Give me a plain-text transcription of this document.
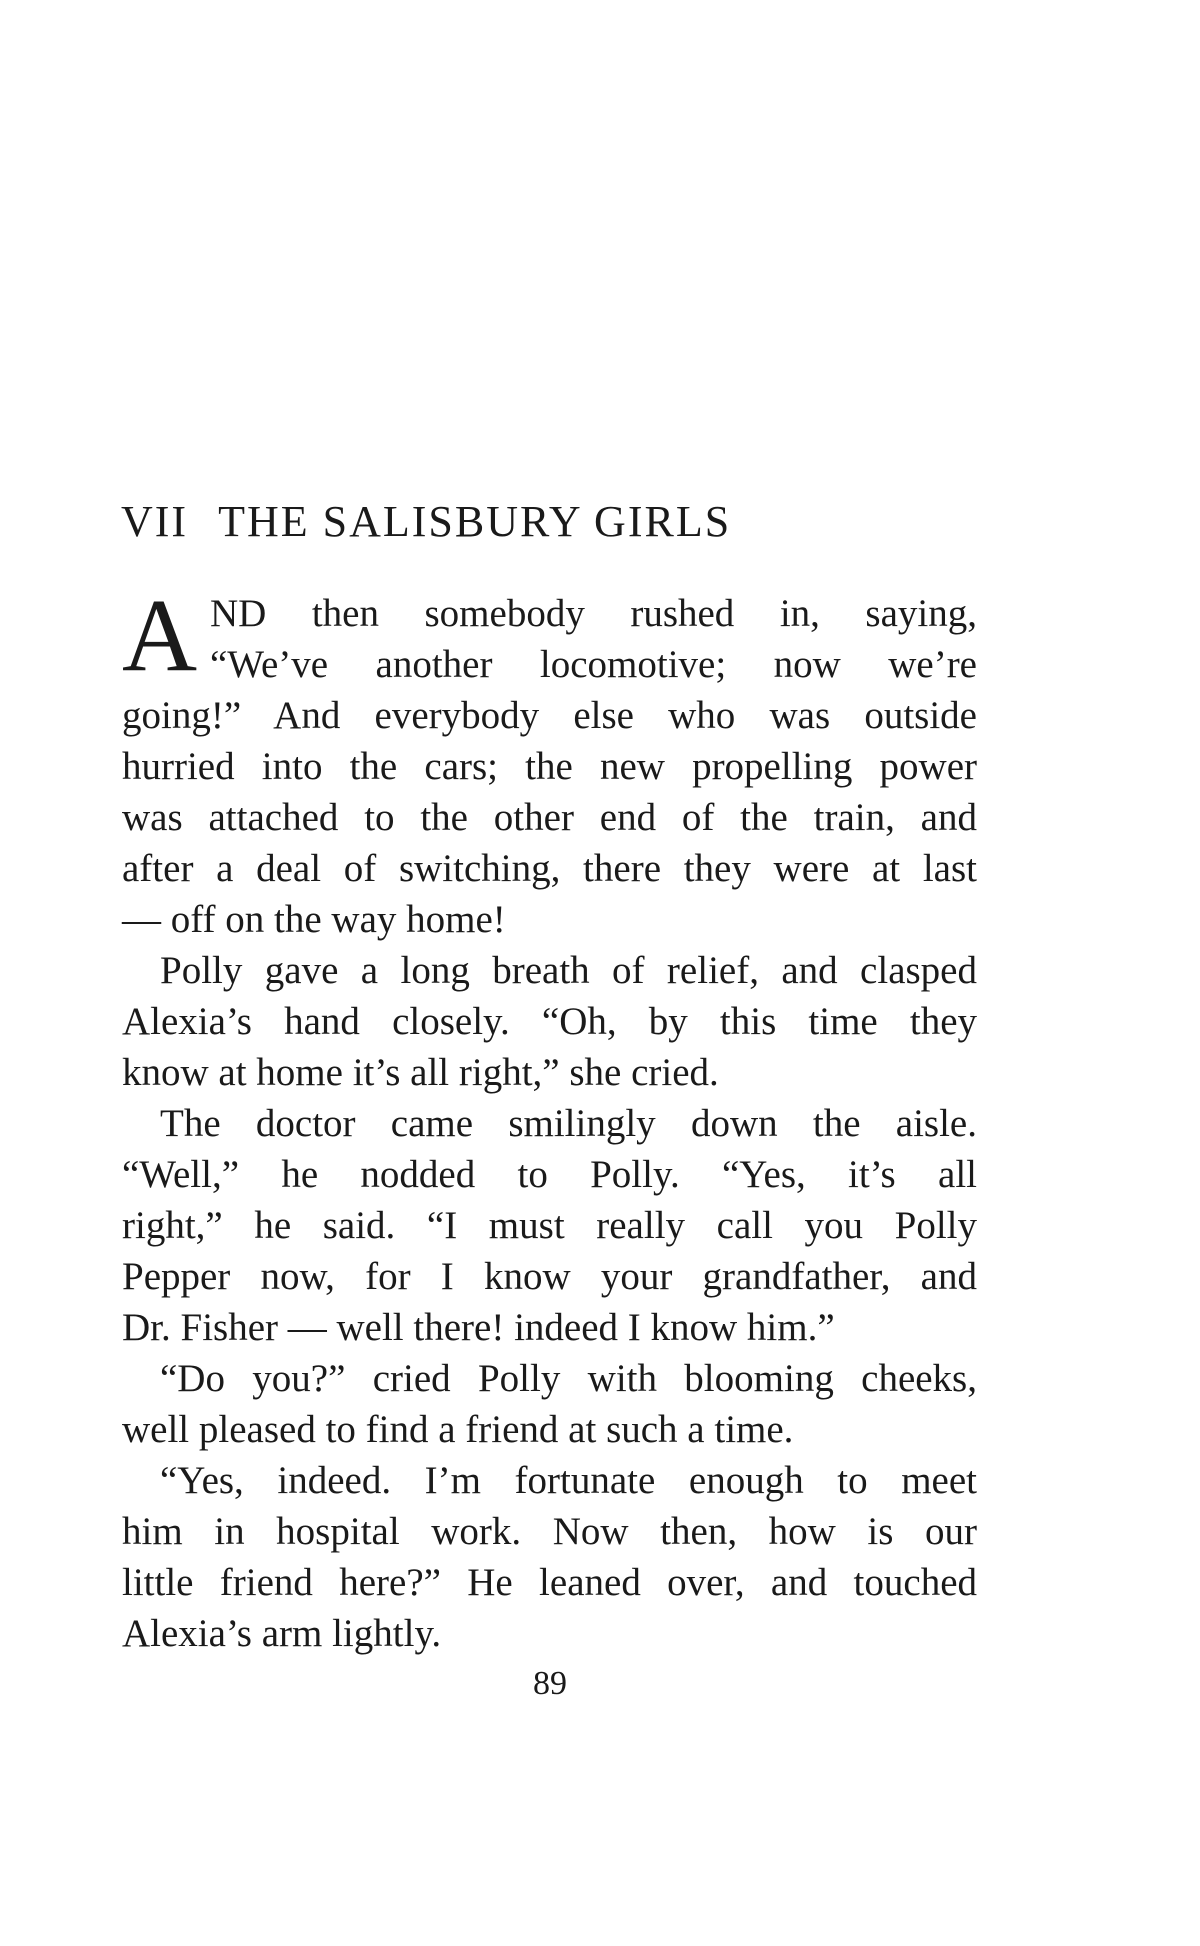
VII THE SALISBURY GIRLS
A ND then somebody rushed in, saying,
“We’ve another locomotive; now we’re
going!” And everybody else who was outside
hurried into the cars; the new propelling power
was attached to the other end of the train, and
after a deal of switching, there they were at last
— off on the way home!
Polly gave a long breath of relief, and clasped
Alexia’s hand closely. “Oh, by this time they
know at home it’s all right,” she cried.
The doctor came smilingly down the aisle.
“Well,” he nodded to Polly. “Yes, it’s all
right,” he said. “I must really call you Polly
Pepper now, for I know your grandfather, and
Dr. Fisher — well there! indeed I know him.”
“Do you?” cried Polly with blooming cheeks,
well pleased to find a friend at such a time.
“Yes, indeed. I’m fortunate enough to meet
him in hospital work. Now then, how is our
little friend here?” He leaned over, and touched
Alexia’s arm lightly.
89
